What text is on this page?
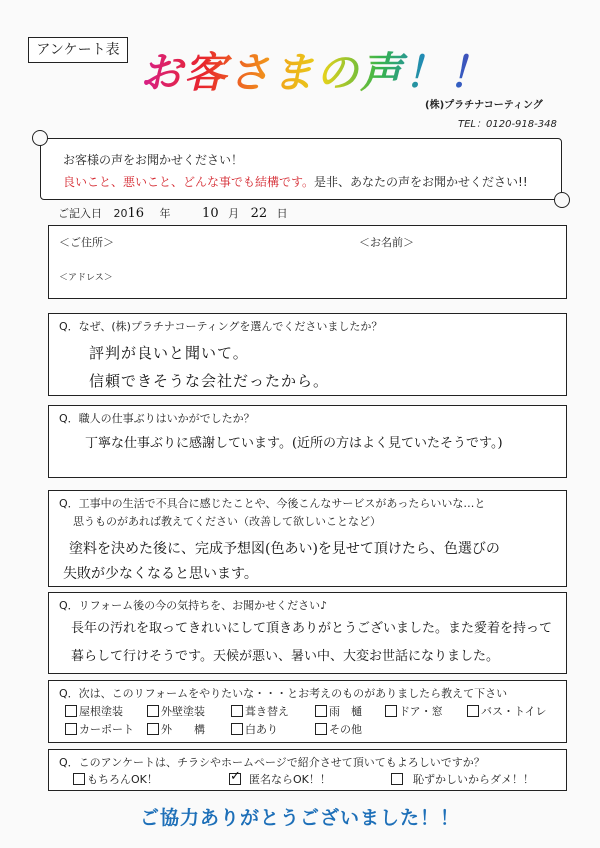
アンケート表 お客さまの声！！
(株)プラチナコーティング
TEL：0120-918-348
お客様の声をお聞かせください！
良いこと、悪いこと、どんな事でも結構です。是非、あなたの声をお聞かせください!!
ご記入日 2016 年 10 月 22 日
＜ご住所＞	＜お名前＞
＜アドレス＞
Q．なぜ、(株)プラチナコーティングを選んでくださいましたか？
評判が良いと聞いて。
信頼できそうな会社だったから。
Q．職人の仕事ぶりはいかがでしたか？
丁寧な仕事ぶりに感謝しています。(近所の方はよく見ていたそうです。)
Q．工事中の生活で不具合に感じたことや、今後こんなサービスがあったらいいな…と
思うものがあれば教えてください（改善して欲しいことなど）
塗料を決めた後に、完成予想図(色あい)を見せて頂けたら、色選びの
失敗が少なくなると思います。
Q．リフォーム後の今の気持ちを、お聞かせください♪
長年の汚れを取ってきれいにして頂きありがとうございました。また愛着を持って
暮らして行けそうです。天候が悪い、暑い中、大変お世話になりました。
Q．次は、このリフォームをやりたいな・・・とお考えのものがありましたら教えて下さい
屋根塗装	外壁塗装	葺き替え	雨　樋	ドア・窓	バス・トイレ
カーポート 外　　構	白あり	その他
Q．このアンケートは、チラシやホームページで紹介させて頂いてもよろしいですか？
もちろんOK！
✓	匿名ならOK！！	恥ずかしいからダメ！！
ご協力ありがとうございました！！
